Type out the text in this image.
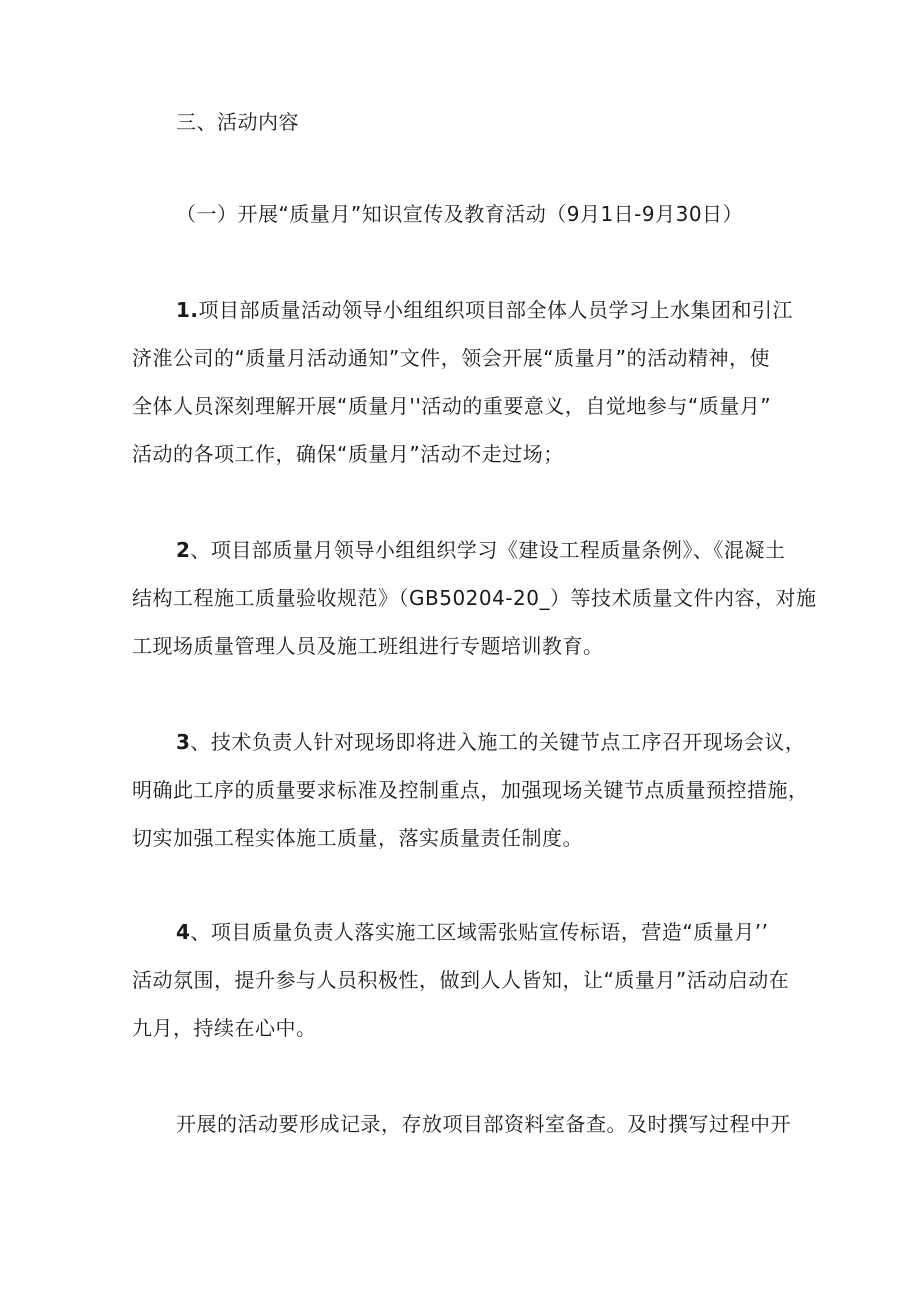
三、活动内容
（一）开展“质量月”知识宣传及教育活动（9月1日-9月30日）
1.项目部质量活动领导小组组织项目部全体人员学习上水集团和引江
济淮公司的“质量月活动通知”文件，领会开展“质量月”的活动精神，使
全体人员深刻理解开展“质量月''活动的重要意义，自觉地参与“质量月”
活动的各项工作，确保“质量月”活动不走过场；
2、项目部质量月领导小组组织学习《建设工程质量条例》、《混凝土
结构工程施工质量验收规范》（GB50204-20_）等技术质量文件内容，对施
工现场质量管理人员及施工班组进行专题培训教育。
3、技术负责人针对现场即将进入施工的关键节点工序召开现场会议，
明确此工序的质量要求标准及控制重点，加强现场关键节点质量预控措施，
切实加强工程实体施工质量，落实质量责任制度。
4、项目质量负责人落实施工区域需张贴宣传标语，营造“质量月’’
活动氛围，提升参与人员积极性，做到人人皆知，让“质量月”活动启动在
九月，持续在心中。
开展的活动要形成记录，存放项目部资料室备查。及时撰写过程中开
